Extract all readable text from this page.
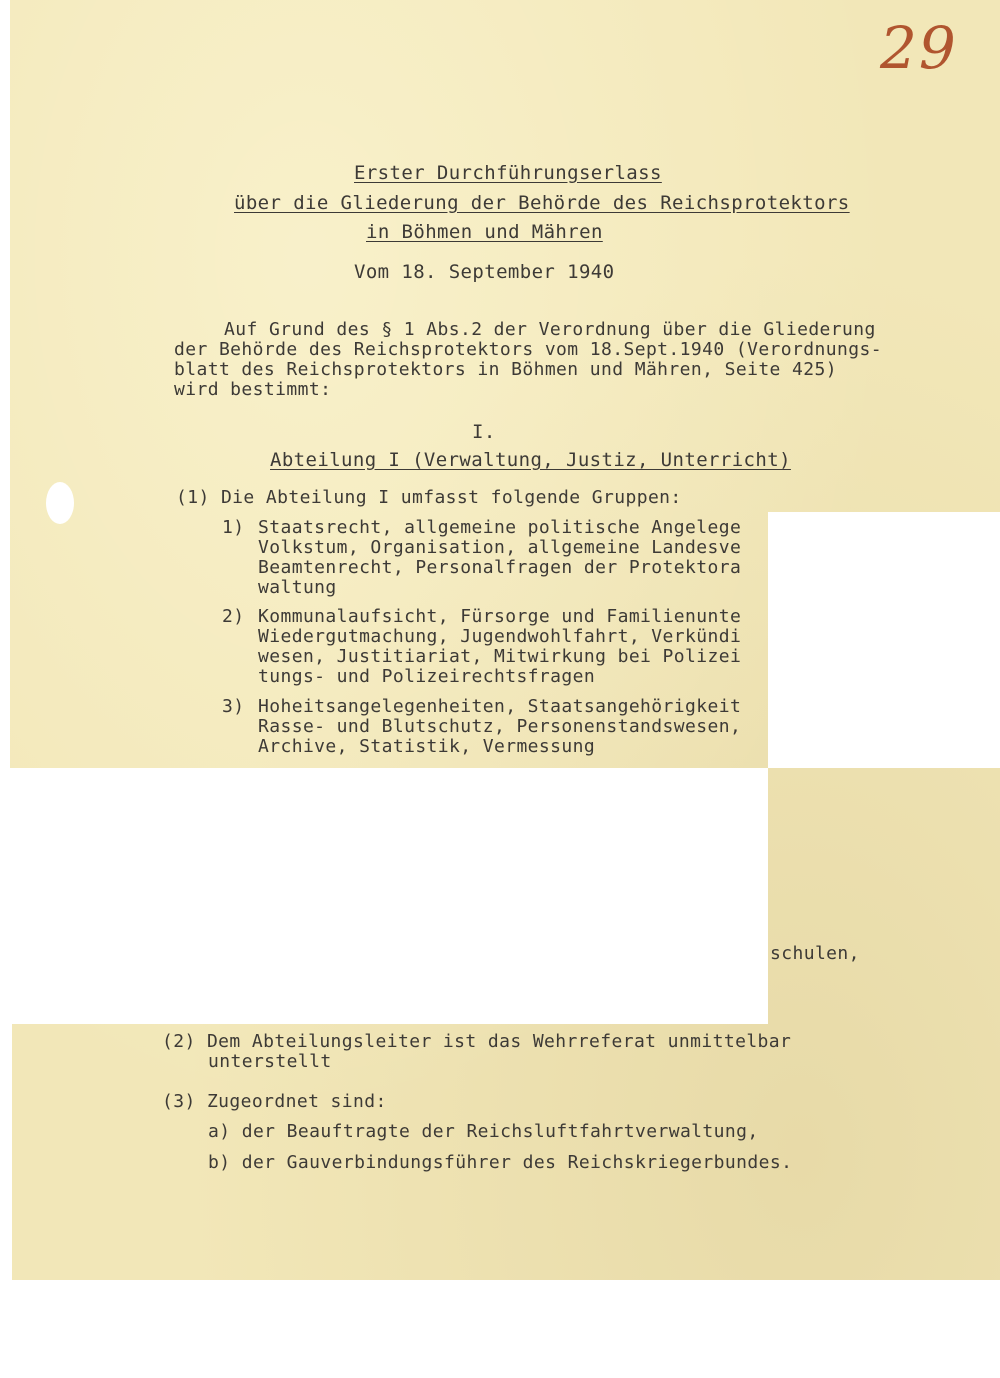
29
Erster Durchführungserlass
über die Gliederung der Behörde des Reichsprotektors
in Böhmen und Mähren
Vom 18. September 1940
Auf Grund des § 1 Abs.2 der Verordnung über die Gliederung
der Behörde des Reichsprotektors vom 18.Sept.1940 (Verordnungs-
blatt des Reichsprotektors in Böhmen und Mähren, Seite 425)
wird bestimmt:
I.
Abteilung I (Verwaltung, Justiz, Unterricht)
(1) Die Abteilung I umfasst folgende Gruppen:
1) Staatsrecht, allgemeine politische Angelege
Volkstum, Organisation, allgemeine Landesve
Beamtenrecht, Personalfragen der Protektora
waltung
2) Kommunalaufsicht, Fürsorge und Familienunte
Wiedergutmachung, Jugendwohlfahrt, Verkündi
wesen, Justitiariat, Mitwirkung bei Polizei
tungs- und Polizeirechtsfragen
3) Hoheitsangelegenheiten, Staatsangehörigkeit
Rasse- und Blutschutz, Personenstandswesen,
Archive, Statistik, Vermessung
schulen,
(2) Dem Abteilungsleiter ist das Wehrreferat unmittelbar
unterstellt
(3) Zugeordnet sind:
a) der Beauftragte der Reichsluftfahrtverwaltung,
b) der Gauverbindungsführer des Reichskriegerbundes.
